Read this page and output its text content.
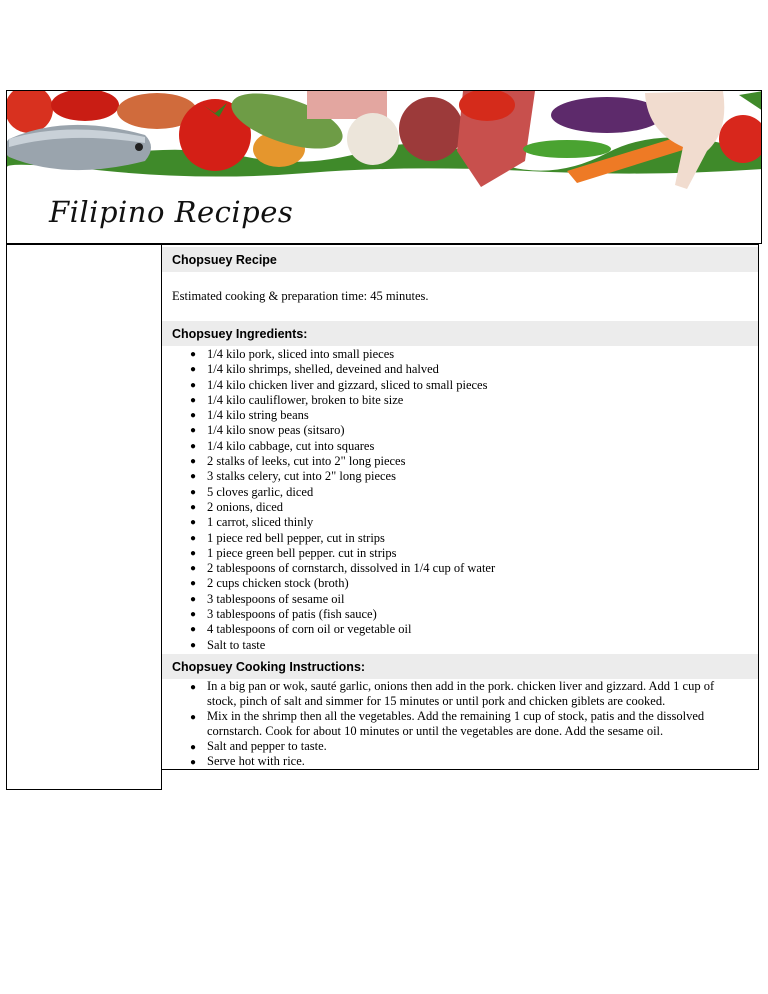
Filipino Recipes
Chopsuey Recipe
Estimated cooking & preparation time: 45 minutes.
Chopsuey Ingredients:
● 1/4 kilo pork, sliced into small pieces
● 1/4 kilo shrimps, shelled, deveined and halved
● 1/4 kilo chicken liver and gizzard, sliced to small pieces
● 1/4 kilo cauliflower, broken to bite size
● 1/4 kilo string beans
● 1/4 kilo snow peas (sitsaro)
● 1/4 kilo cabbage, cut into squares
● 2 stalks of leeks, cut into 2" long pieces
● 3 stalks celery, cut into 2" long pieces
● 5 cloves garlic, diced
● 2 onions, diced
● 1 carrot, sliced thinly
● 1 piece red bell pepper, cut in strips
● 1 piece green bell pepper. cut in strips
● 2 tablespoons of cornstarch, dissolved in 1/4 cup of water
● 2 cups chicken stock (broth)
● 3 tablespoons of sesame oil
● 3 tablespoons of patis (fish sauce)
● 4 tablespoons of corn oil or vegetable oil
● Salt to taste
Chopsuey Cooking Instructions:
● In a big pan or wok, sauté garlic, onions then add in the pork. chicken liver and gizzard. Add 1 cup of stock, pinch of salt and simmer for 15 minutes or until pork and chicken giblets are cooked.
● Mix in the shrimp then all the vegetables. Add the remaining 1 cup of stock, patis and the dissolved cornstarch. Cook for about 10 minutes or until the vegetables are done. Add the sesame oil.
● Salt and pepper to taste.
● Serve hot with rice.
